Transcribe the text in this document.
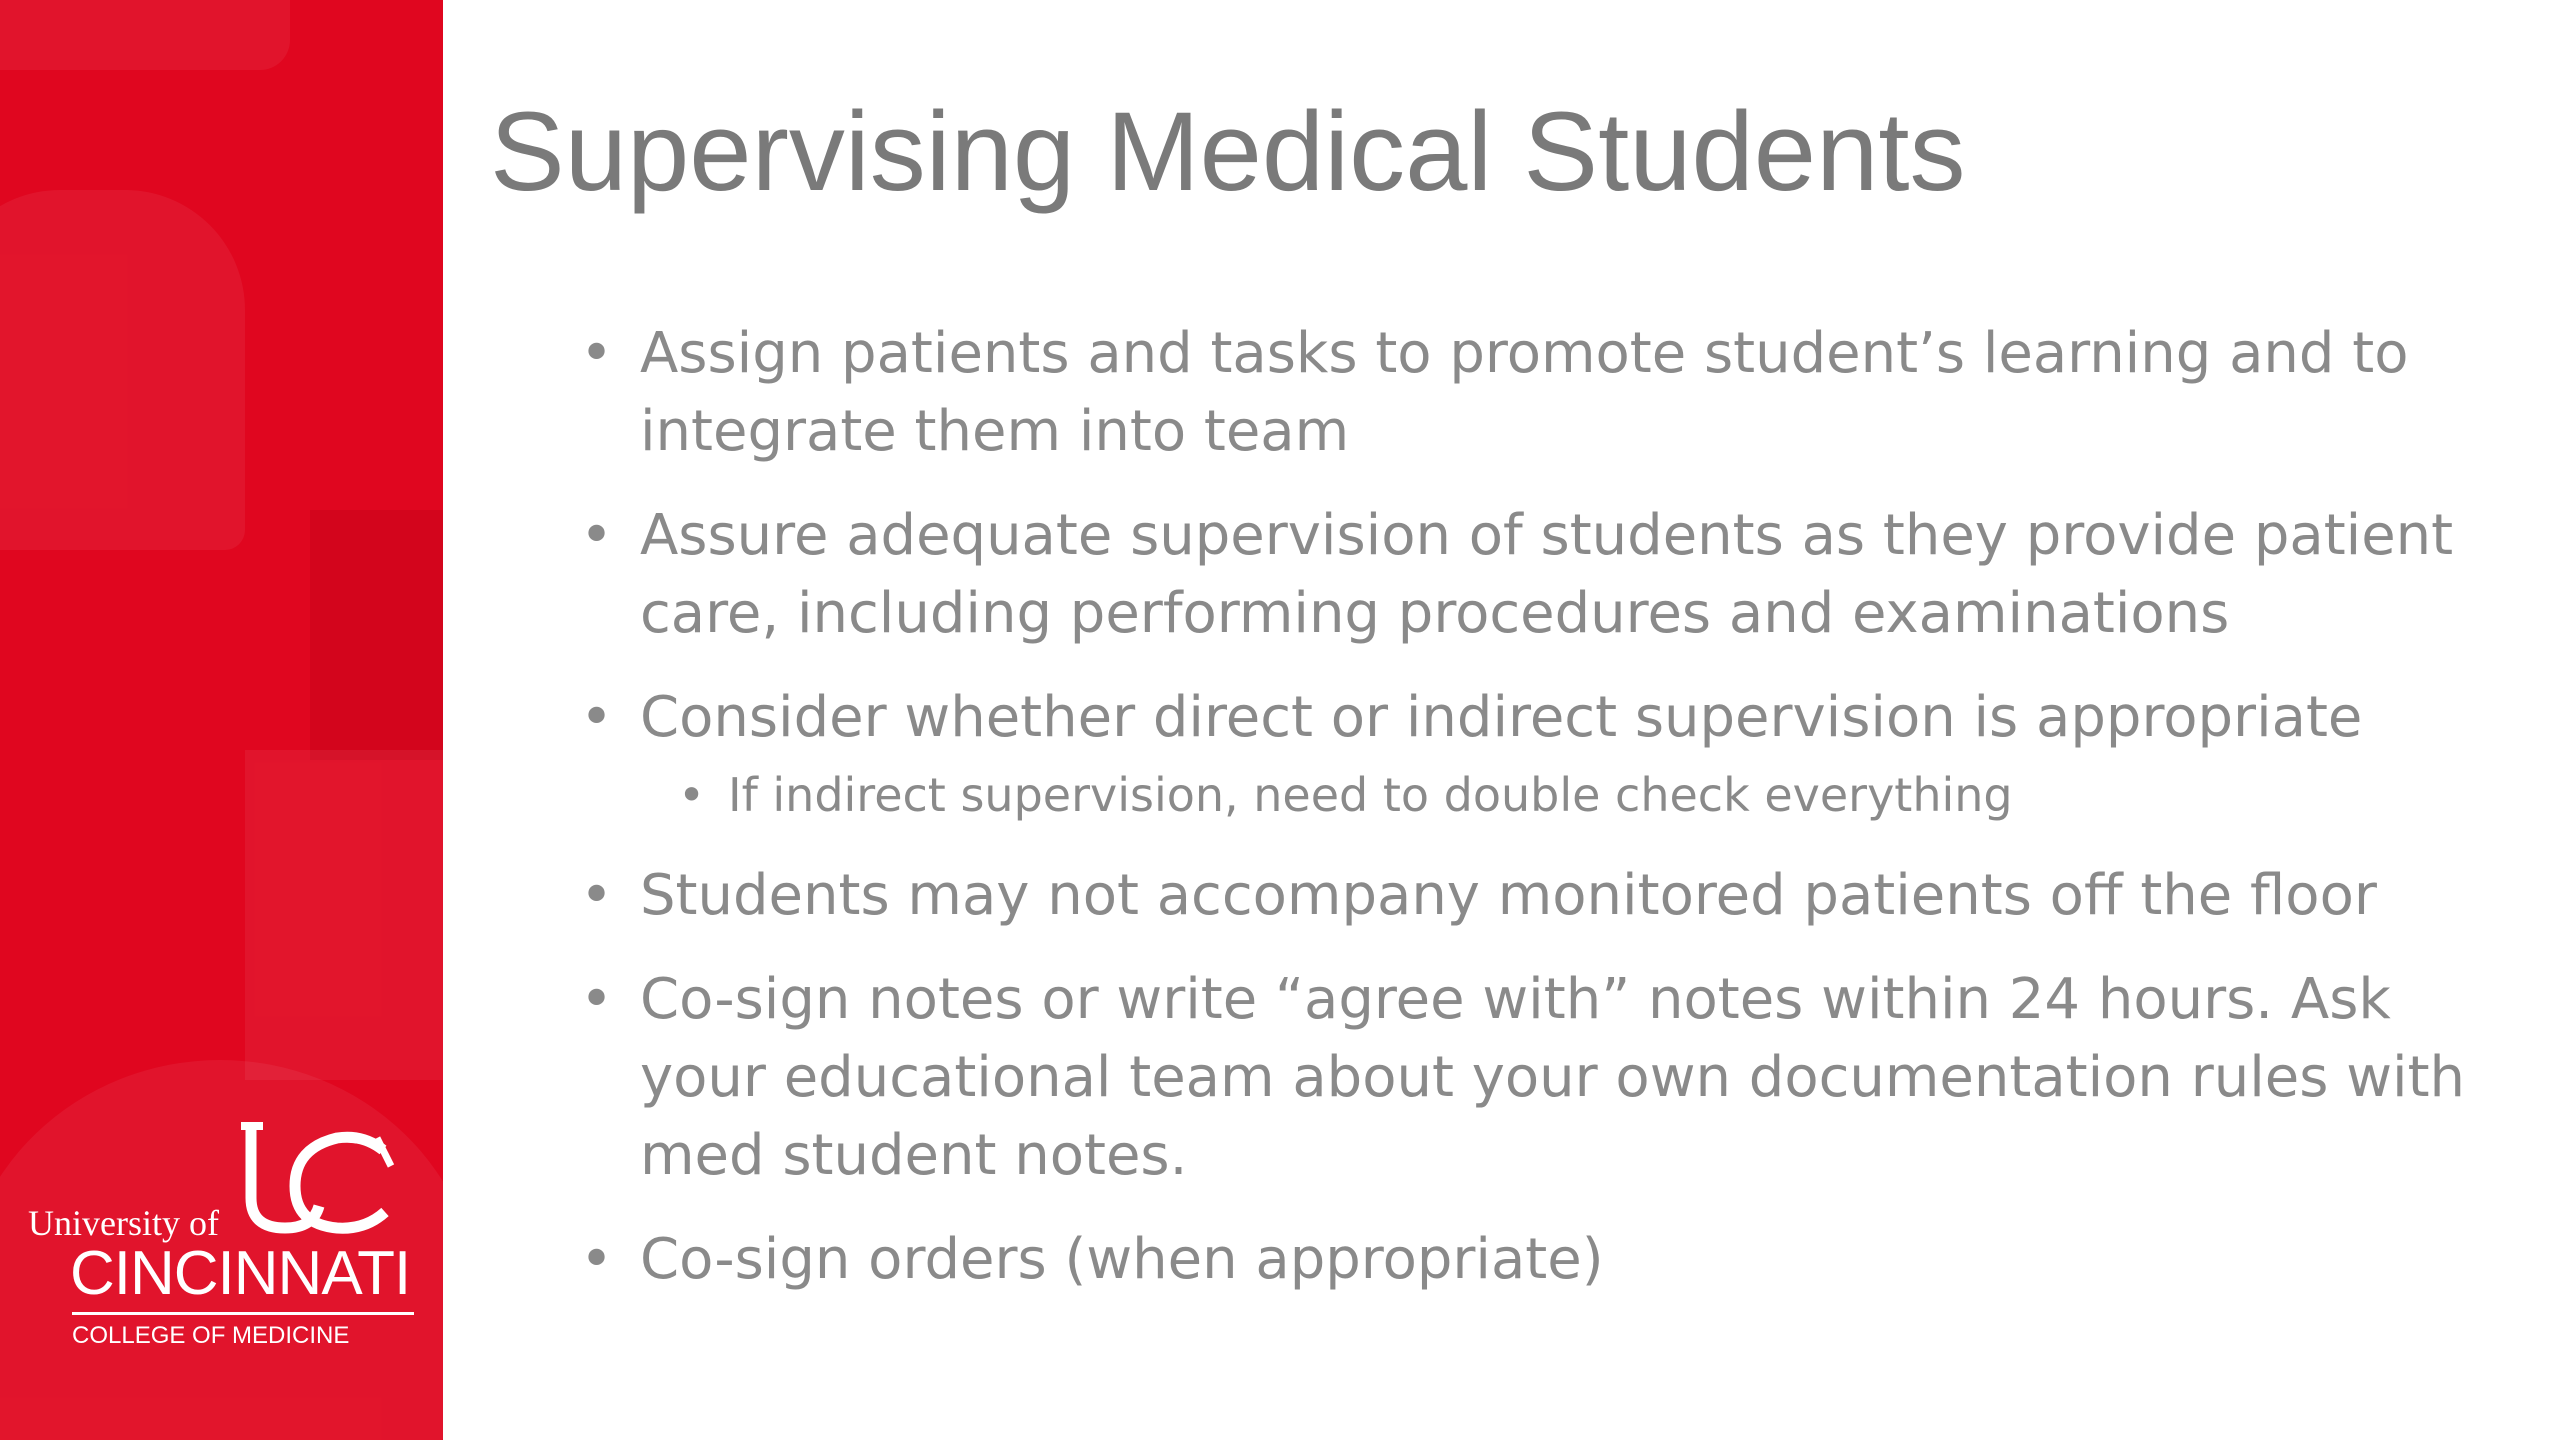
University of
CINCINNATI
COLLEGE OF MEDICINE
Supervising Medical Students
• Assign patients and tasks to promote student’s learning and to integrate them into team
• Assure adequate supervision of students as they provide patient care, including performing procedures and examinations
• Consider whether direct or indirect supervision is appropriate
• If indirect supervision, need to double check everything
• Students may not accompany monitored patients off the floor
• Co-sign notes or write “agree with” notes within 24 hours. Ask your educational team about your own documentation rules with med student notes.
• Co-sign orders (when appropriate)
